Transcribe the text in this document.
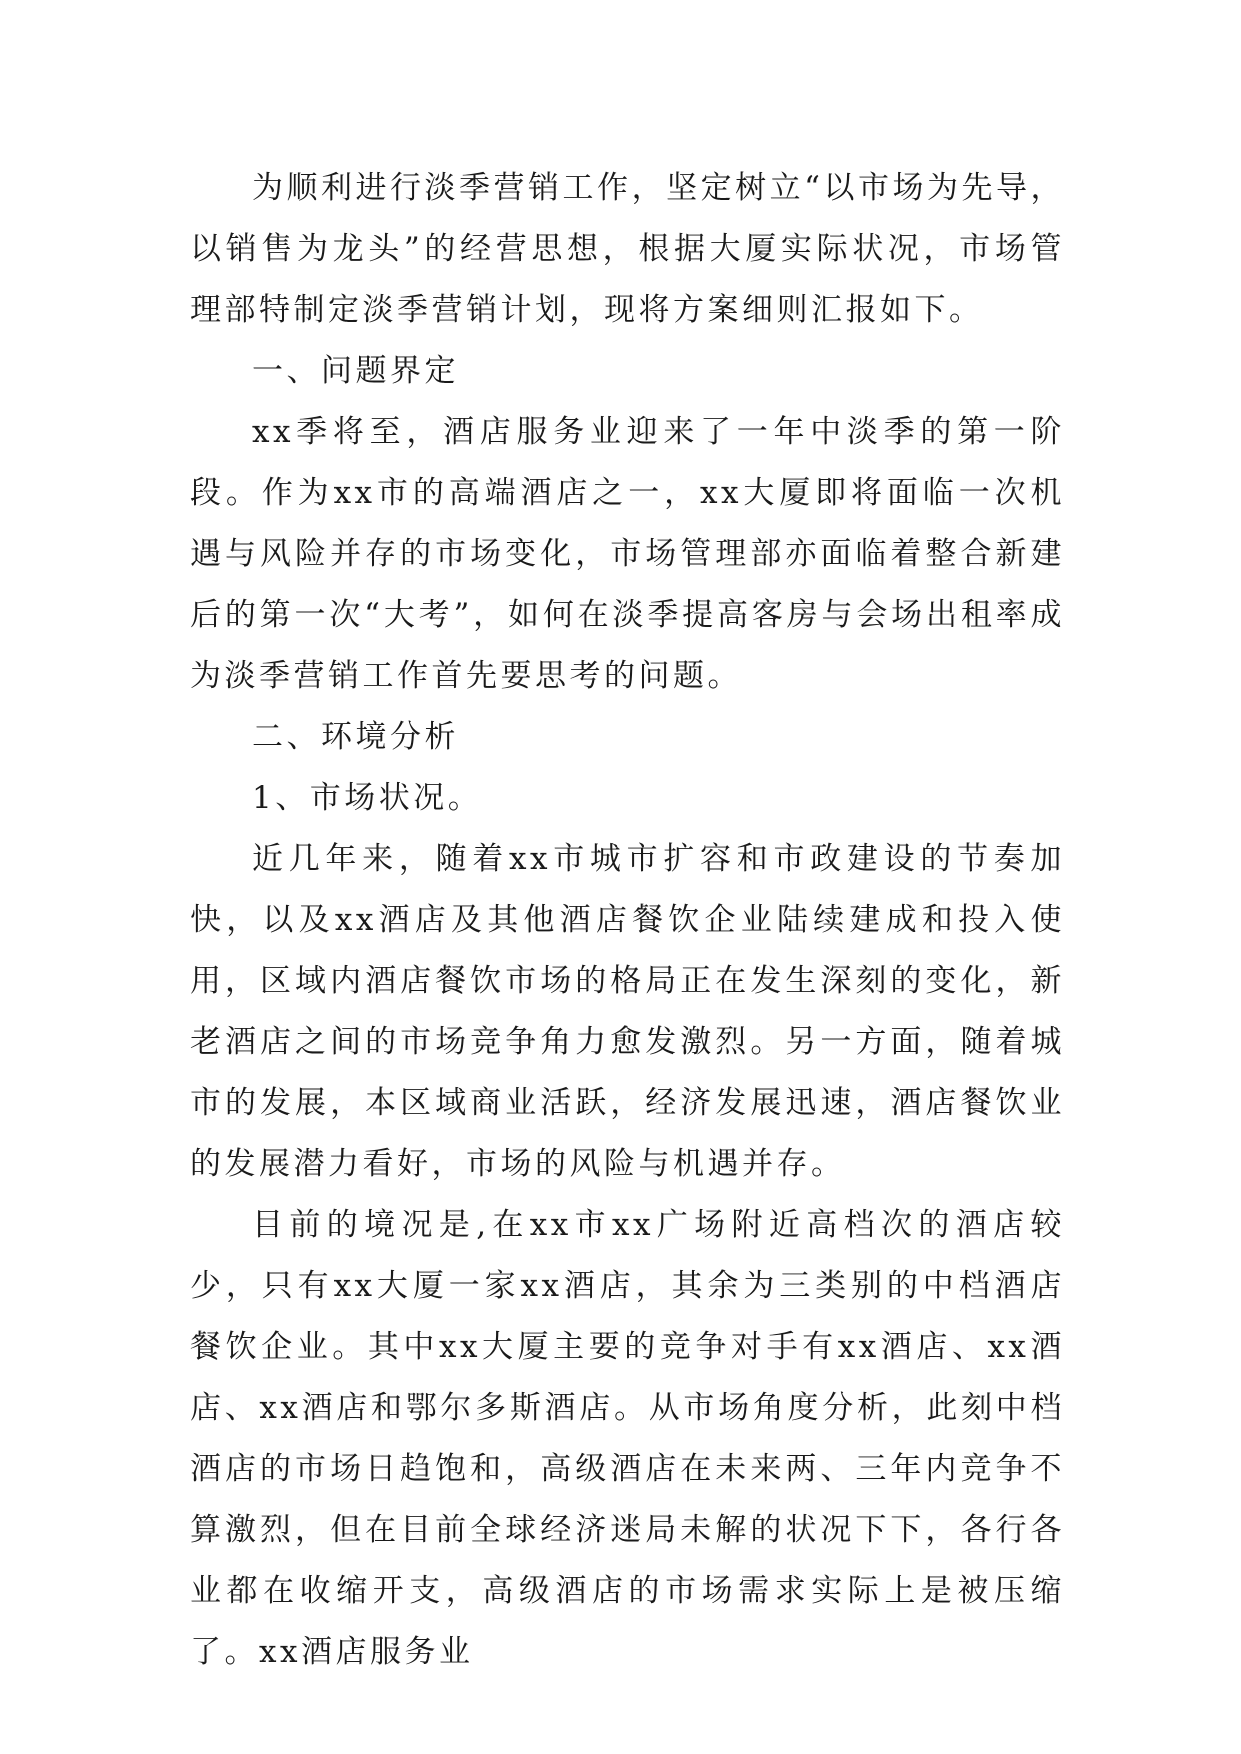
为顺利进行淡季营销工作，坚定树立“以市场为先导，以销售为龙头”的经营思想，根据大厦实际状况，市场管理部特制定淡季营销计划，现将方案细则汇报如下。

一、问题界定

xx季将至，酒店服务业迎来了一年中淡季的第一阶段。作为xx市的高端酒店之一，xx大厦即将面临一次机遇与风险并存的市场变化，市场管理部亦面临着整合新建后的第一次“大考”，如何在淡季提高客房与会场出租率成为淡季营销工作首先要思考的问题。

二、环境分析

1、市场状况。

近几年来，随着xx市城市扩容和市政建设的节奏加快，以及xx酒店及其他酒店餐饮企业陆续建成和投入使用，区域内酒店餐饮市场的格局正在发生深刻的变化，新老酒店之间的市场竞争角力愈发激烈。另一方面，随着城市的发展，本区域商业活跃，经济发展迅速，酒店餐饮业的发展潜力看好，市场的风险与机遇并存。

目前的境况是,在xx市xx广场附近高档次的酒店较少，只有xx大厦一家xx酒店，其余为三类别的中档酒店餐饮企业。其中xx大厦主要的竞争对手有xx酒店、xx酒店、xx酒店和鄂尔多斯酒店。从市场角度分析，此刻中档酒店的市场日趋饱和，高级酒店在未来两、三年内竞争不算激烈，但在目前全球经济迷局未解的状况下下，各行各业都在收缩开支，高级酒店的市场需求实际上是被压缩了。xx酒店服务业
